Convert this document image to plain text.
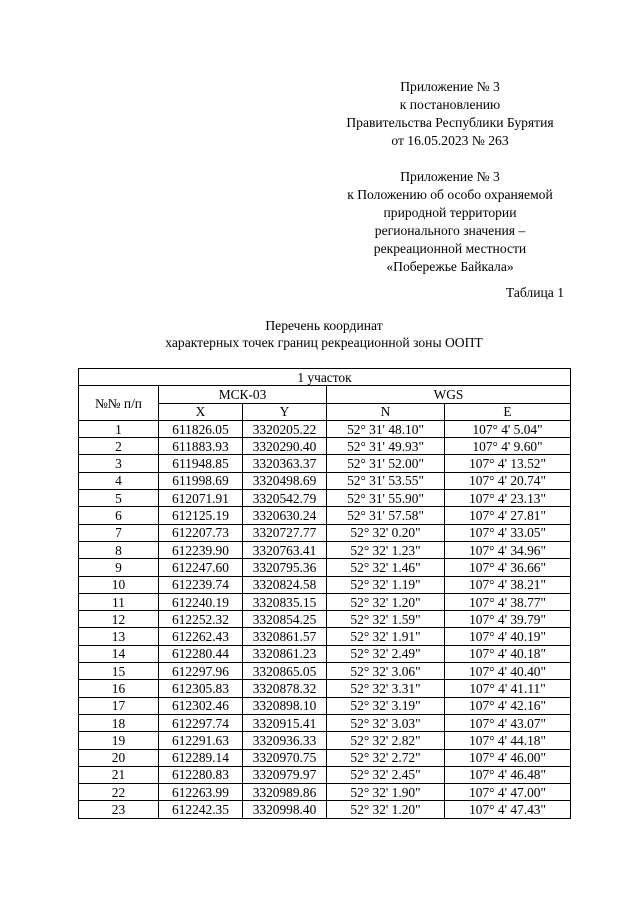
Приложение № 3
к постановлению
Правительства Республики Бурятия
от 16.05.2023 № 263
Приложение № 3
к Положению об особо охраняемой
природной территории
регионального значения –
рекреационной местности
«Побережье Байкала»
Таблица 1
Перечень координат
характерных точек границ рекреационной зоны ООПТ
1 участок				
№№ п/п	МСК-03		WGS	
	X	Y	N	E
1	611826.05	3320205.22	52° 31' 48.10"	107° 4' 5.04"
2	611883.93	3320290.40	52° 31' 49.93"	107° 4' 9.60"
3	611948.85	3320363.37	52° 31' 52.00"	107° 4' 13.52"
4	611998.69	3320498.69	52° 31' 53.55"	107° 4' 20.74"
5	612071.91	3320542.79	52° 31' 55.90"	107° 4' 23.13"
6	612125.19	3320630.24	52° 31' 57.58"	107° 4' 27.81"
7	612207.73	3320727.77	52° 32' 0.20"	107° 4' 33.05"
8	612239.90	3320763.41	52° 32' 1.23"	107° 4' 34.96"
9	612247.60	3320795.36	52° 32' 1.46"	107° 4' 36.66"
10	612239.74	3320824.58	52° 32' 1.19"	107° 4' 38.21"
11	612240.19	3320835.15	52° 32' 1.20"	107° 4' 38.77"
12	612252.32	3320854.25	52° 32' 1.59"	107° 4' 39.79"
13	612262.43	3320861.57	52° 32' 1.91"	107° 4' 40.19"
14	612280.44	3320861.23	52° 32' 2.49"	107° 4' 40.18"
15	612297.96	3320865.05	52° 32' 3.06"	107° 4' 40.40"
16	612305.83	3320878.32	52° 32' 3.31"	107° 4' 41.11"
17	612302.46	3320898.10	52° 32' 3.19"	107° 4' 42.16"
18	612297.74	3320915.41	52° 32' 3.03"	107° 4' 43.07"
19	612291.63	3320936.33	52° 32' 2.82"	107° 4' 44.18"
20	612289.14	3320970.75	52° 32' 2.72"	107° 4' 46.00"
21	612280.83	3320979.97	52° 32' 2.45"	107° 4' 46.48"
22	612263.99	3320989.86	52° 32' 1.90"	107° 4' 47.00"
23	612242.35	3320998.40	52° 32' 1.20"	107° 4' 47.43"
